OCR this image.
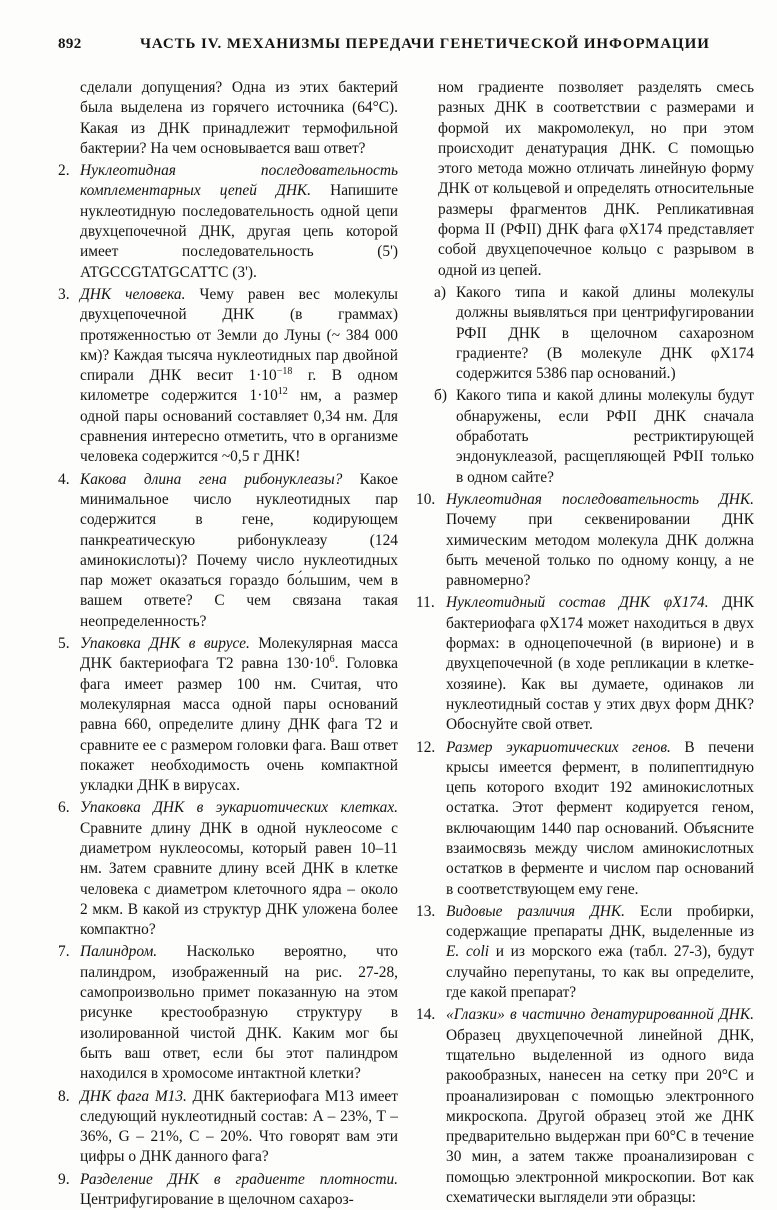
892	ЧАСТЬ IV. МЕХАНИЗМЫ ПЕРЕДАЧИ ГЕНЕТИЧЕСКОЙ ИНФОРМАЦИИ

сделали допущения? Одна из этих бактерий была выделена из горячего источника (64°С). Какая из ДНК принадлежит термофильной бактерии? На чем основывается ваш ответ?

2. Нуклеотидная последовательность комплементарных цепей ДНК. Напишите нуклеотидную последовательность одной цепи двухцепочечной ДНК, другая цепь которой имеет последовательность (5') ATGCCGTATGCATTC (3').
3. ДНК человека. Чему равен вес молекулы двухцепочечной ДНК (в граммах) протяженностью от Земли до Луны (~ 384 000 км)? Каждая тысяча нуклеотидных пар двойной спирали ДНК весит $1\cdot 10^{-18}$ г. В одном километре содержится $1\cdot 10^{12}$ нм, а размер одной пары оснований составляет 0,34 нм. Для сравнения интересно отметить, что в организме человека содержится ~0,5 г ДНК!
4. Какова длина гена рибонуклеазы? Какое минимальное число нуклеотидных пар содержится в гене, кодирующем панкреатическую рибонуклеазу (124 аминокислоты)? Почему число нуклеотидных пар может оказаться гораздо бо́льшим, чем в вашем ответе? С чем связана такая неопределенность?
5. Упаковка ДНК в вирусе. Молекулярная масса ДНК бактериофага Т2 равна $130\cdot 10^6$. Головка фага имеет размер 100 нм. Считая, что молекулярная масса одной пары оснований равна 660, определите длину ДНК фага Т2 и сравните ее с размером головки фага. Ваш ответ покажет необходимость очень компактной укладки ДНК в вирусах.
6. Упаковка ДНК в эукариотических клетках. Сравните длину ДНК в одной нуклеосоме с диаметром нуклеосомы, который равен 10–11 нм. Затем сравните длину всей ДНК в клетке человека с диаметром клеточного ядра – около 2 мкм. В какой из структур ДНК уложена более компактно?
7. Палиндром. Насколько вероятно, что палиндром, изображенный на рис. 27-28, самопроизвольно примет показанную на этом рисунке крестообразную структуру в изолированной чистой ДНК. Каким мог бы быть ваш ответ, если бы этот палиндром находился в хромосоме интактной клетки?
8. ДНК фага М13. ДНК бактериофага М13 имеет следующий нуклеотидный состав: A – 23%, T – 36%, G – 21%, C – 20%. Что говорят вам эти цифры о ДНК данного фага?
9. Разделение ДНК в градиенте плотности. Центрифугирование в щелочном сахароз-

ном градиенте позволяет разделять смесь разных ДНК в соответствии с размерами и формой их макромолекул, но при этом происходит денатурация ДНК. С помощью этого метода можно отличать линейную форму ДНК от кольцевой и определять относительные размеры фрагментов ДНК. Репликативная форма II (РФII) ДНК фага φX174 представляет собой двухцепочечное кольцо с разрывом в одной из цепей.

а) Какого типа и какой длины молекулы должны выявляться при центрифугировании РФII ДНК в щелочном сахарозном градиенте? (В молекуле ДНК φX174 содержится 5386 пар оснований.)
б) Какого типа и какой длины молекулы будут обнаружены, если РФII ДНК сначала обработать рестриктирующей эндонуклеазой, расщепляющей РФII только в одном сайте?
10. Нуклеотидная последовательность ДНК. Почему при секвенировании ДНК химическим методом молекула ДНК должна быть меченой только по одному концу, а не равномерно?
11. Нуклеотидный состав ДНК φX174. ДНК бактериофага φX174 может находиться в двух формах: в одноцепочечной (в вирионе) и в двухцепочечной (в ходе репликации в клетке-хозяине). Как вы думаете, одинаков ли нуклеотидный состав у этих двух форм ДНК? Обоснуйте свой ответ.
12. Размер эукариотических генов. В печени крысы имеется фермент, в полипептидную цепь которого входит 192 аминокислотных остатка. Этот фермент кодируется геном, включающим 1440 пар оснований. Объясните взаимосвязь между числом аминокислотных остатков в ферменте и числом пар оснований в соответствующем ему гене.
13. Видовые различия ДНК. Если пробирки, содержащие препараты ДНК, выделенные из E. coli и из морского ежа (табл. 27-3), будут случайно перепутаны, то как вы определите, где какой препарат?
14. «Глазки» в частично денатурированной ДНК. Образец двухцепочечной линейной ДНК, тщательно выделенной из одного вида ракообразных, нанесен на сетку при 20°С и проанализирован с помощью электронного микроскопа. Другой образец этой же ДНК предварительно выдержан при 60°С в течение 30 мин, а затем также проанализирован с помощью электронной микроскопии. Вот как схематически выглядели эти образцы:
